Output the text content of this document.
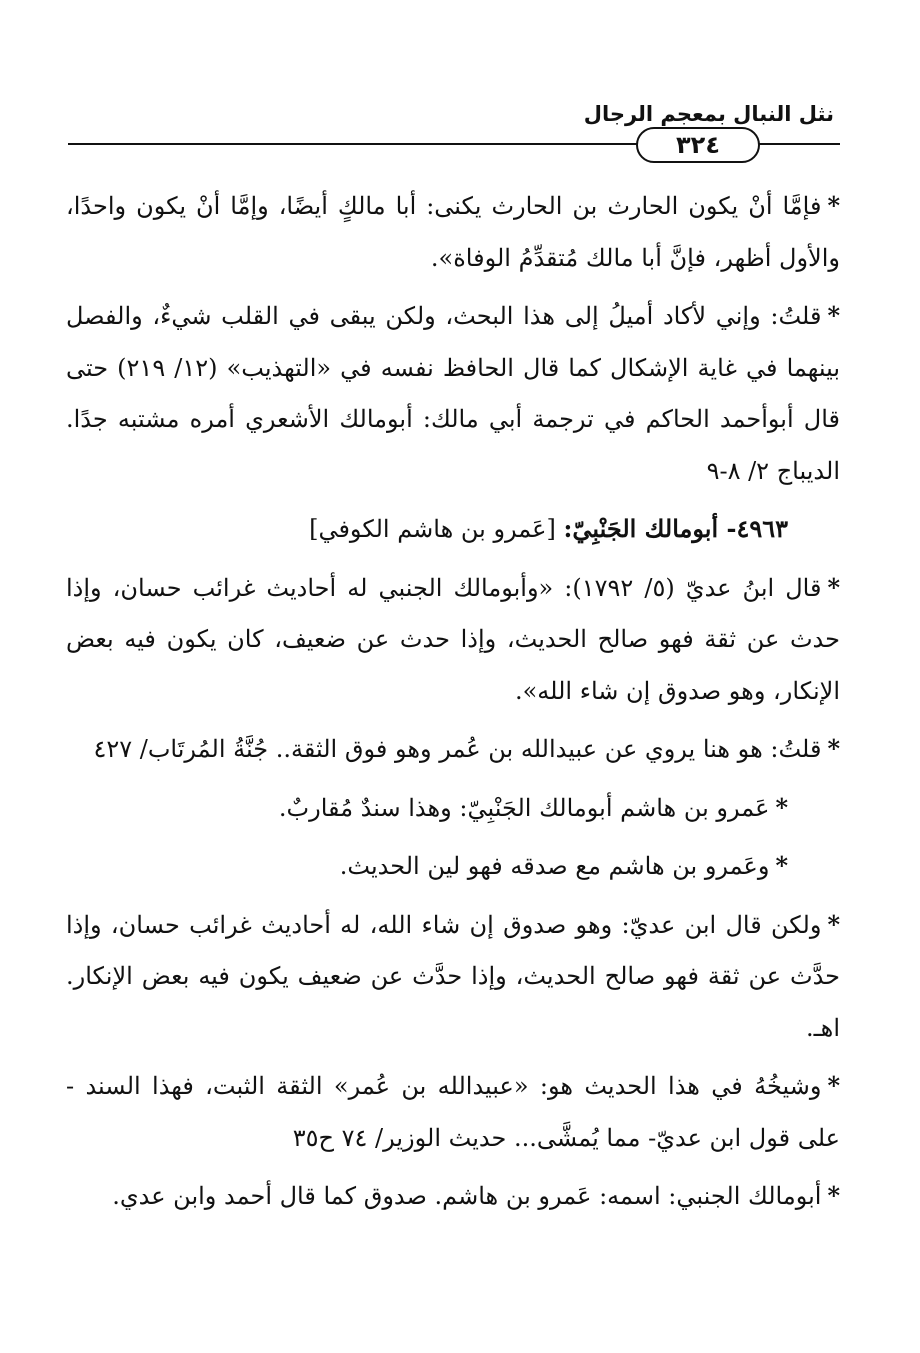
نثل النبال بمعجم الرجال
٣٢٤

*فإمَّا أنْ يكون الحارث بن الحارث يكنى: أبا مالكٍ أيضًا، وإمَّا أنْ يكون واحدًا، والأول أظهر، فإنَّ أبا مالك مُتقدِّمُ الوفاة».

*قلتُ: وإني لأكاد أميلُ إلى هذا البحث، ولكن يبقى في القلب شيءٌ، والفصل بينهما في غاية الإشكال كما قال الحافظ نفسه في «التهذيب» (١٢/ ٢١٩) حتى قال أبوأحمد الحاكم في ترجمة أبي مالك: أبومالك الأشعري أمره مشتبه جدًا. الديباج ٢/ ٨-٩

٤٩٦٣- أبومالك الجَنْبِيّ: [عَمرو بن هاشم الكوفي]

*قال ابنُ عديّ (٥/ ١٧٩٢): «وأبومالك الجنبي له أحاديث غرائب حسان، وإذا حدث عن ثقة فهو صالح الحديث، وإذا حدث عن ضعيف، كان يكون فيه بعض الإنكار، وهو صدوق إن شاء الله».

*قلتُ: هو هنا يروي عن عبيدالله بن عُمر وهو فوق الثقة.. جُنَّةُ المُرتَاب/ ٤٢٧

*عَمرو بن هاشم أبومالك الجَنْبِيّ: وهذا سندٌ مُقاربٌ.

*وعَمرو بن هاشم مع صدقه فهو لين الحديث.

*ولكن قال ابن عديّ: وهو صدوق إن شاء الله، له أحاديث غرائب حسان، وإذا حدَّث عن ثقة فهو صالح الحديث، وإذا حدَّث عن ضعيف يكون فيه بعض الإنكار. اهـ.

*وشيخُهُ في هذا الحديث هو: «عبيدالله بن عُمر» الثقة الثبت، فهذا السند - على قول ابن عديّ- مما يُمشَّى... حديث الوزير/ ٧٤ ح٣٥

*أبومالك الجنبي: اسمه: عَمرو بن هاشم. صدوق كما قال أحمد وابن عدي.
